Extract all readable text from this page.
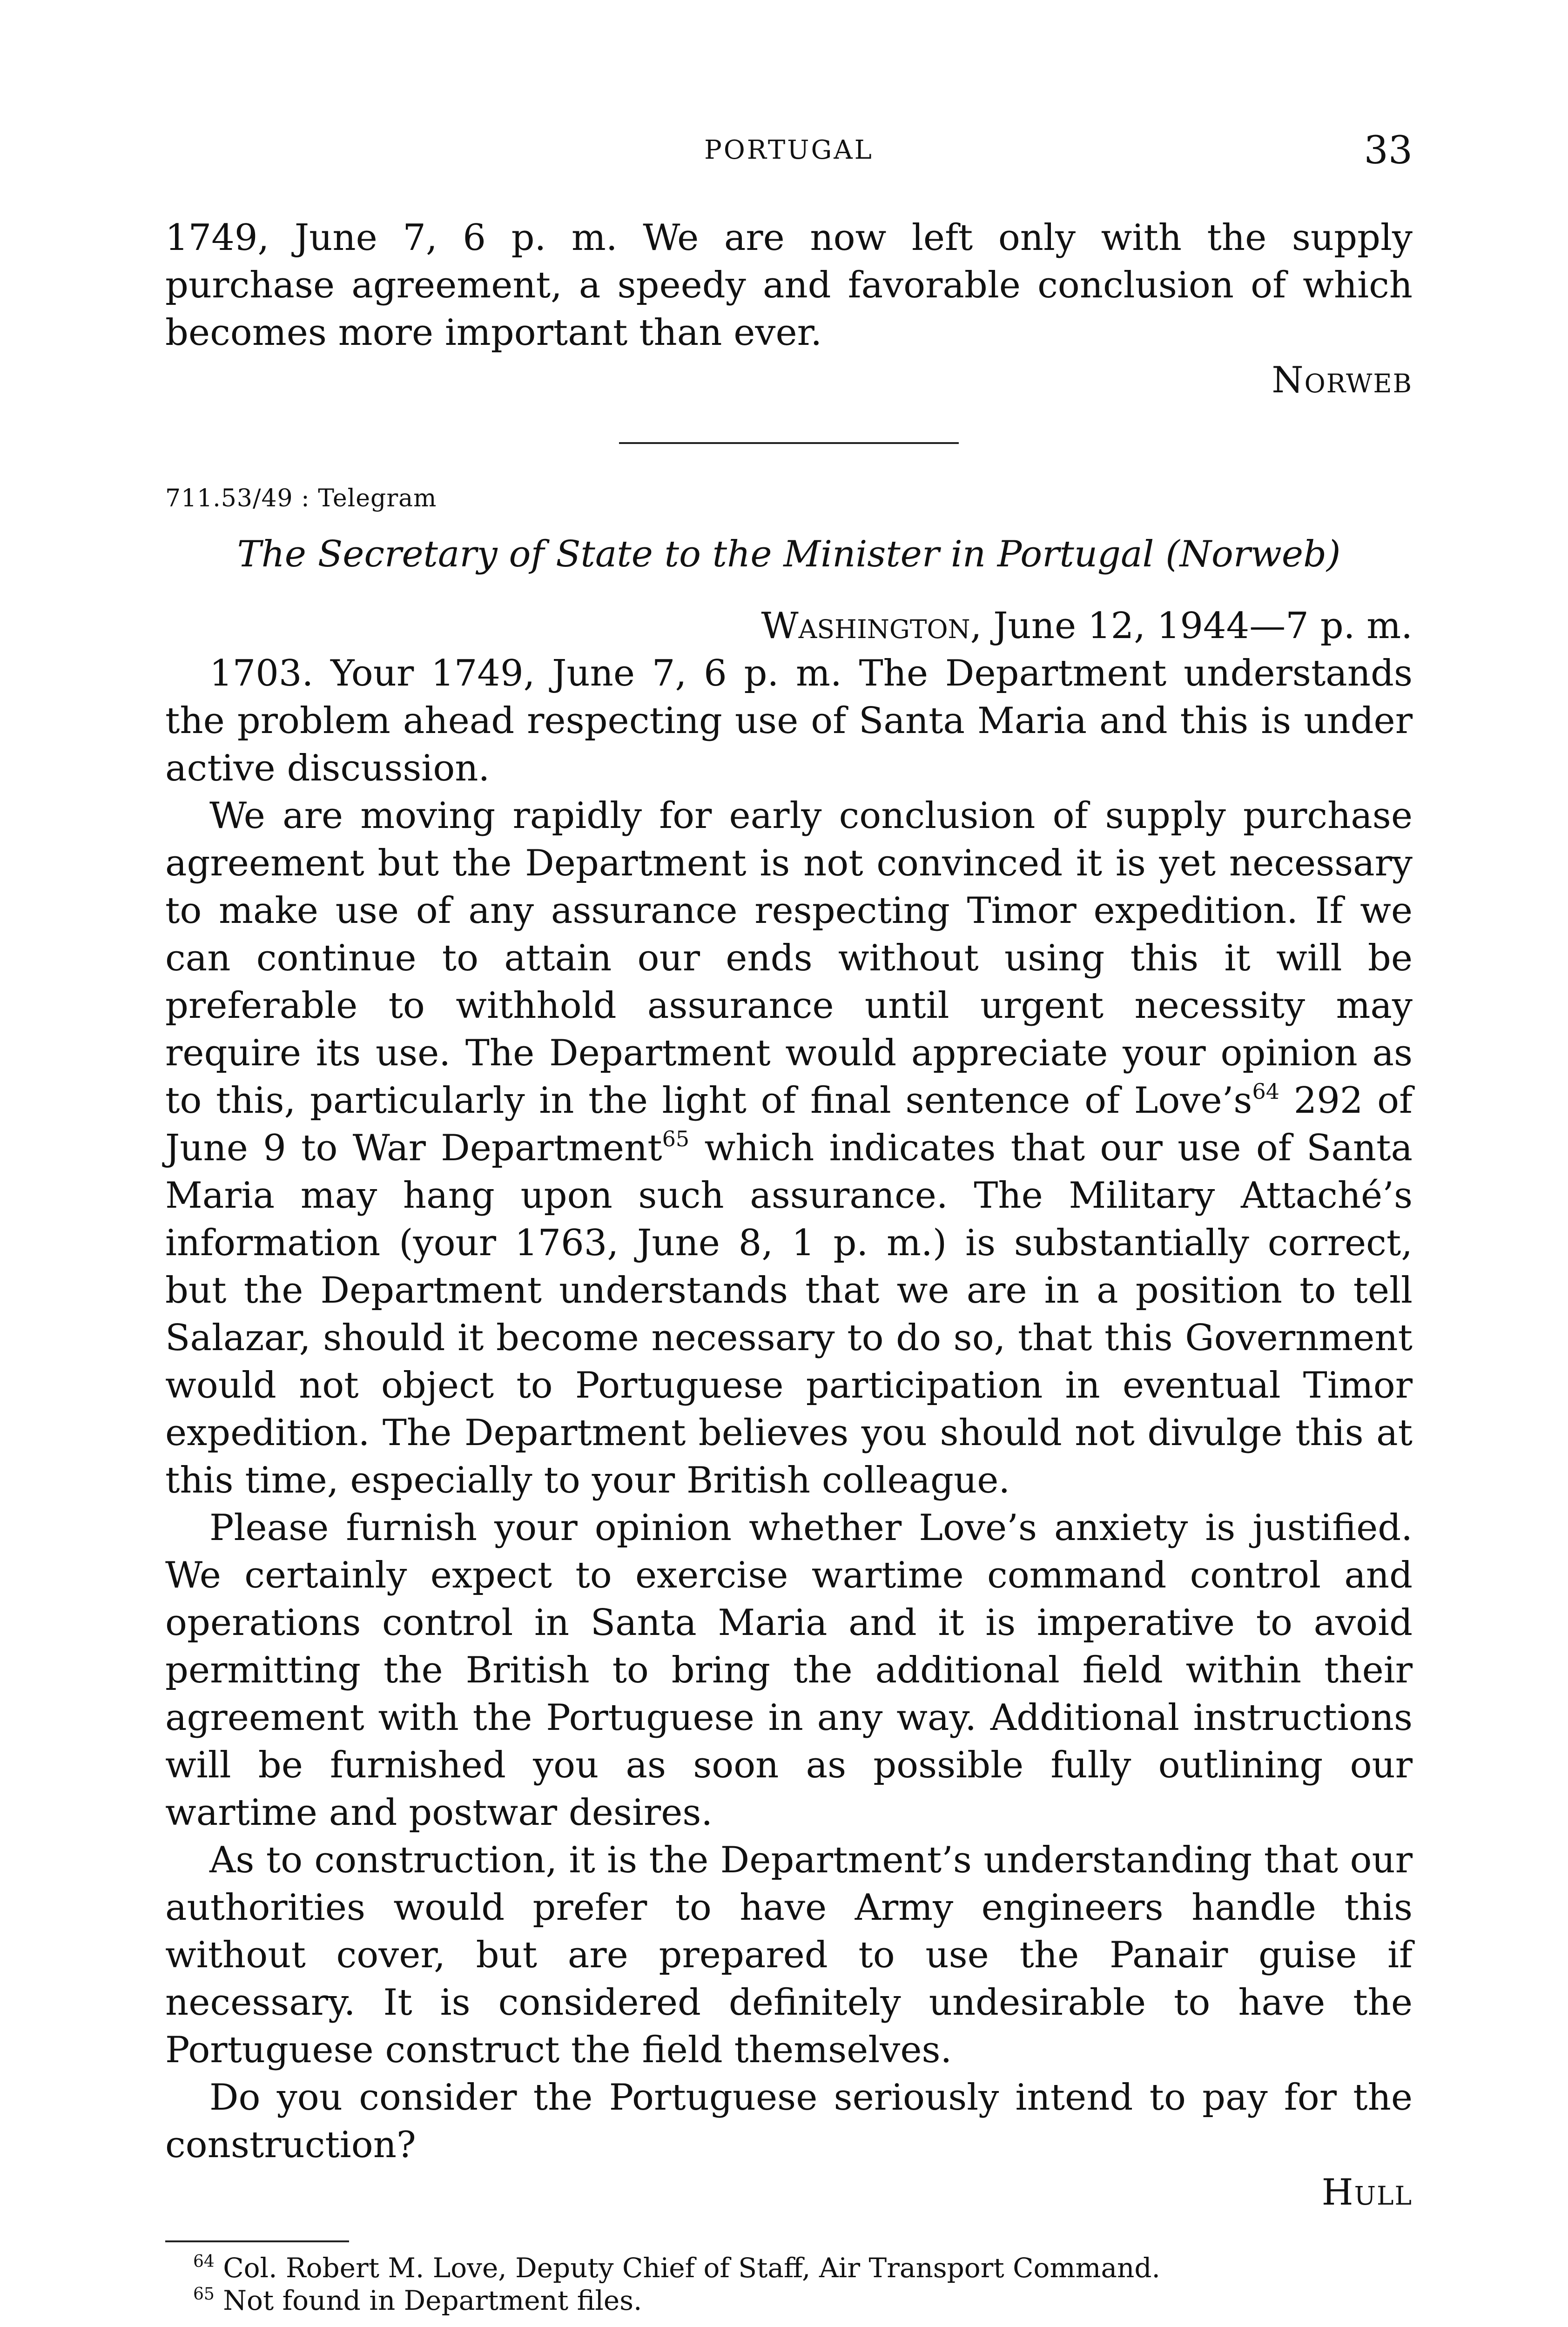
PORTUGAL	33

1749, June 7, 6 p. m. We are now left only with the supply purchase agreement, a speedy and favorable conclusion of which becomes more important than ever.

Norweb

711.53/49 : Telegram

The Secretary of State to the Minister in Portugal (Norweb)

Washington, June 12, 1944—7 p. m.

1703. Your 1749, June 7, 6 p. m. The Department understands the problem ahead respecting use of Santa Maria and this is under active discussion.

We are moving rapidly for early conclusion of supply purchase agreement but the Department is not convinced it is yet necessary to make use of any assurance respecting Timor expedition. If we can continue to attain our ends without using this it will be preferable to withhold assurance until urgent necessity may require its use. The Department would appreciate your opinion as to this, particularly in the light of final sentence of Love’s$^{64}$ 292 of June 9 to War Department$^{65}$ which indicates that our use of Santa Maria may hang upon such assurance. The Military Attaché’s information (your 1763, June 8, 1 p. m.) is substantially correct, but the Department understands that we are in a position to tell Salazar, should it become necessary to do so, that this Government would not object to Portuguese participation in eventual Timor expedition. The Department believes you should not divulge this at this time, especially to your British colleague.

Please furnish your opinion whether Love’s anxiety is justified. We certainly expect to exercise wartime command control and operations control in Santa Maria and it is imperative to avoid permitting the British to bring the additional field within their agreement with the Portuguese in any way. Additional instructions will be furnished you as soon as possible fully outlining our wartime and postwar desires.

As to construction, it is the Department’s understanding that our authorities would prefer to have Army engineers handle this without cover, but are prepared to use the Panair guise if necessary. It is considered definitely undesirable to have the Portuguese construct the field themselves.

Do you consider the Portuguese seriously intend to pay for the construction?

Hull

$^{64}$ Col. Robert M. Love, Deputy Chief of Staff, Air Transport Command.
$^{65}$ Not found in Department files.
